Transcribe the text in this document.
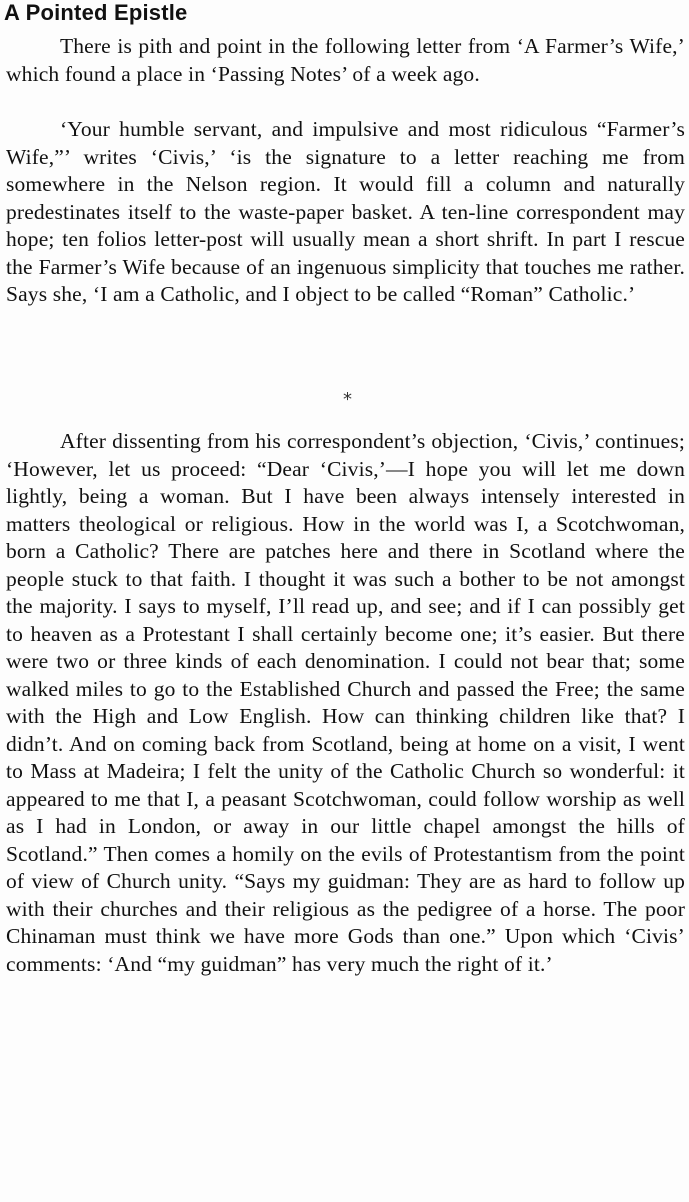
A Pointed Epistle

There is pith and point in the following letter from ‘A Farmer’s Wife,’ which found a place in ‘Passing Notes’ of a week ago.

‘Your humble servant, and impulsive and most ridiculous “Farmer’s Wife,”’ writes ‘Civis,’ ‘is the signature to a letter reaching me from somewhere in the Nelson region. It would fill a column and naturally predestinates itself to the waste-paper basket. A ten-line correspondent may hope; ten folios letter-post will usually mean a short shrift. In part I rescue the Farmer’s Wife because of an ingenuous simplicity that touches me rather. Says she, ‘I am a Catholic, and I object to be called “Roman” Catholic.’

*

After dissenting from his correspondent’s objection, ‘Civis,’ continues; ‘However, let us proceed: “Dear ‘Civis,’—I hope you will let me down lightly, being a woman. But I have been always intensely interested in matters theological or religious. How in the world was I, a Scotchwoman, born a Catholic? There are patches here and there in Scotland where the people stuck to that faith. I thought it was such a bother to be not amongst the majority. I says to myself, I’ll read up, and see; and if I can possibly get to heaven as a Protestant I shall certainly become one; it’s easier. But there were two or three kinds of each denomination. I could not bear that; some walked miles to go to the Established Church and passed the Free; the same with the High and Low English. How can thinking children like that? I didn’t. And on coming back from Scotland, being at home on a visit, I went to Mass at Madeira; I felt the unity of the Catholic Church so wonderful: it appeared to me that I, a peasant Scotchwoman, could follow worship as well as I had in London, or away in our little chapel amongst the hills of Scotland.” Then comes a homily on the evils of Protestantism from the point of view of Church unity. “Says my guidman: They are as hard to follow up with their churches and their religious as the pedigree of a horse. The poor Chinaman must think we have more Gods than one.” Upon which ‘Civis’ comments: ‘And “my guidman” has very much the right of it.’
